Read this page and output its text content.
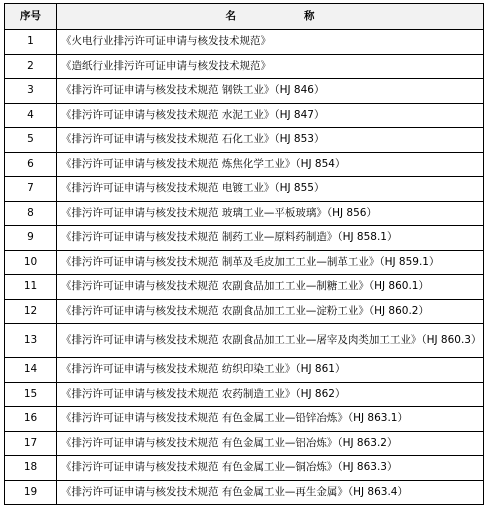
序号	名 称
1	《火电行业排污许可证申请与核发技术规范》
2	《造纸行业排污许可证申请与核发技术规范》
3	《排污许可证申请与核发技术规范 钢铁工业》（HJ 846）
4	《排污许可证申请与核发技术规范 水泥工业》（HJ 847）
5	《排污许可证申请与核发技术规范 石化工业》（HJ 853）
6	《排污许可证申请与核发技术规范 炼焦化学工业》（HJ 854）
7	《排污许可证申请与核发技术规范 电镀工业》（HJ 855）
8	《排污许可证申请与核发技术规范 玻璃工业—平板玻璃》（HJ 856）
9	《排污许可证申请与核发技术规范 制药工业—原料药制造》（HJ 858.1）
10	《排污许可证申请与核发技术规范 制革及毛皮加工工业—制革工业》（HJ 859.1）
11	《排污许可证申请与核发技术规范 农副食品加工工业—制糖工业》（HJ 860.1）
12	《排污许可证申请与核发技术规范 农副食品加工工业—淀粉工业》（HJ 860.2）
13	《排污许可证申请与核发技术规范 农副食品加工工业—屠宰及肉类加工工业》（HJ 860.3）
14	《排污许可证申请与核发技术规范 纺织印染工业》（HJ 861）
15	《排污许可证申请与核发技术规范 农药制造工业》（HJ 862）
16	《排污许可证申请与核发技术规范 有色金属工业—铅锌冶炼》（HJ 863.1）
17	《排污许可证申请与核发技术规范 有色金属工业—铝冶炼》（HJ 863.2）
18	《排污许可证申请与核发技术规范 有色金属工业—铜冶炼》（HJ 863.3）
19	《排污许可证申请与核发技术规范 有色金属工业—再生金属》（HJ 863.4）
